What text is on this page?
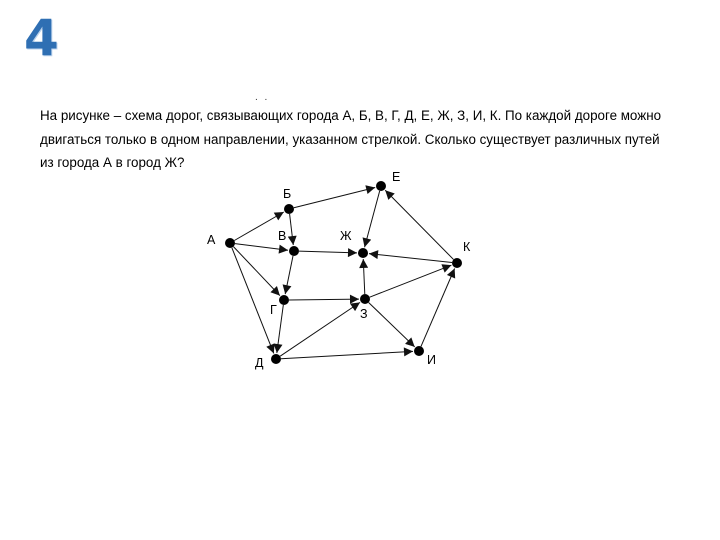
4
. .
На рисунке – схема дорог, связывающих города А, Б, В, Г, Д, Е, Ж, З, И, К. По каждой дороге можно
двигаться только в одном направлении, указанном стрелкой. Сколько существует различных путей
из города А в город Ж?
А
Б
В
Г
Д
Е
Ж
З
И
К
